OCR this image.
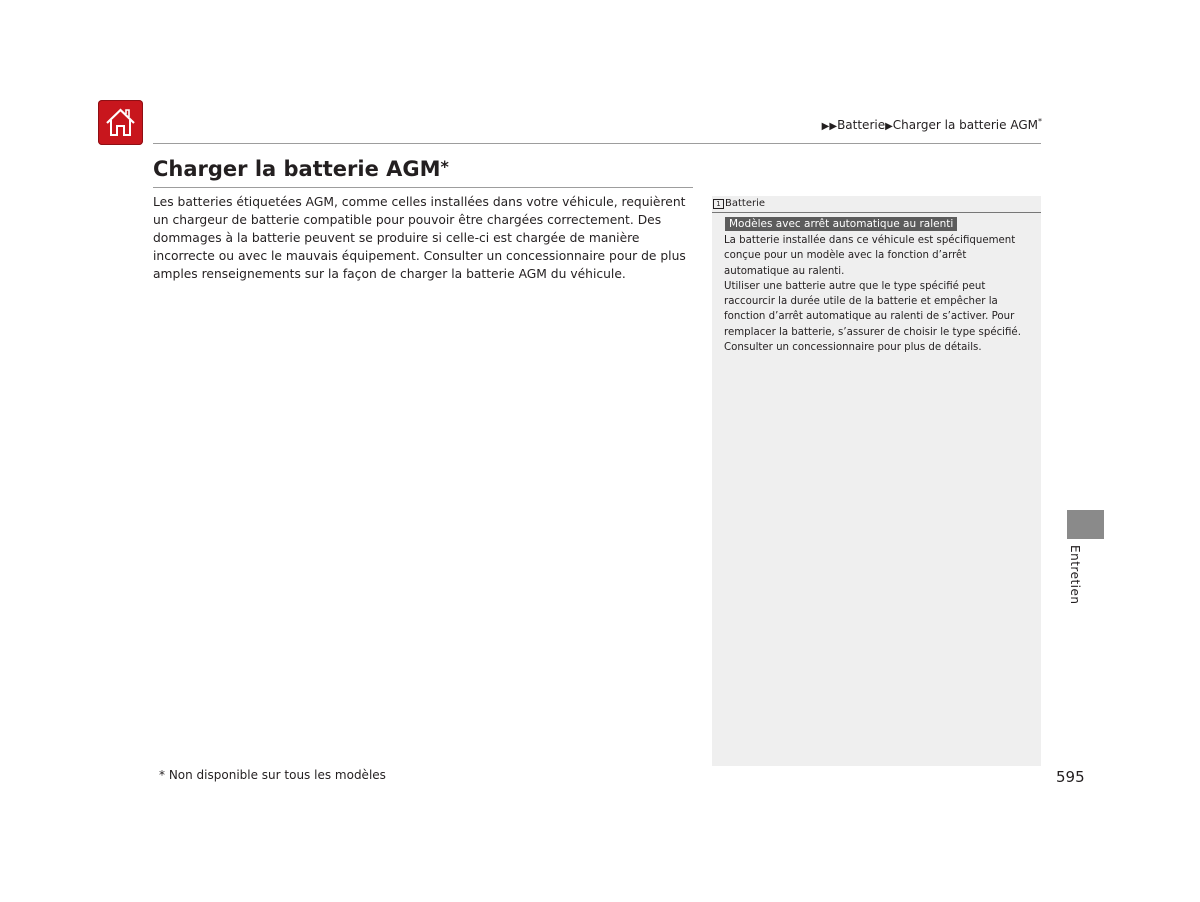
▶▶Batterie▶Charger la batterie AGM*
Charger la batterie AGM*

Les batteries étiquetées AGM, comme celles installées dans votre véhicule, requièrent un chargeur de batterie compatible pour pouvoir être chargées correctement. Des dommages à la batterie peuvent se produire si celle-ci est chargée de manière incorrecte ou avec le mauvais équipement. Consulter un concessionnaire pour de plus amples renseignements sur la façon de charger la batterie AGM du véhicule.

1 Batterie
Modèles avec arrêt automatique au ralenti
La batterie installée dans ce véhicule est spécifiquement conçue pour un modèle avec la fonction d’arrêt automatique au ralenti.
Utiliser une batterie autre que le type spécifié peut raccourcir la durée utile de la batterie et empêcher la fonction d’arrêt automatique au ralenti de s’activer. Pour remplacer la batterie, s’assurer de choisir le type spécifié. Consulter un concessionnaire pour plus de détails.
Entretien
* Non disponible sur tous les modèles	595
